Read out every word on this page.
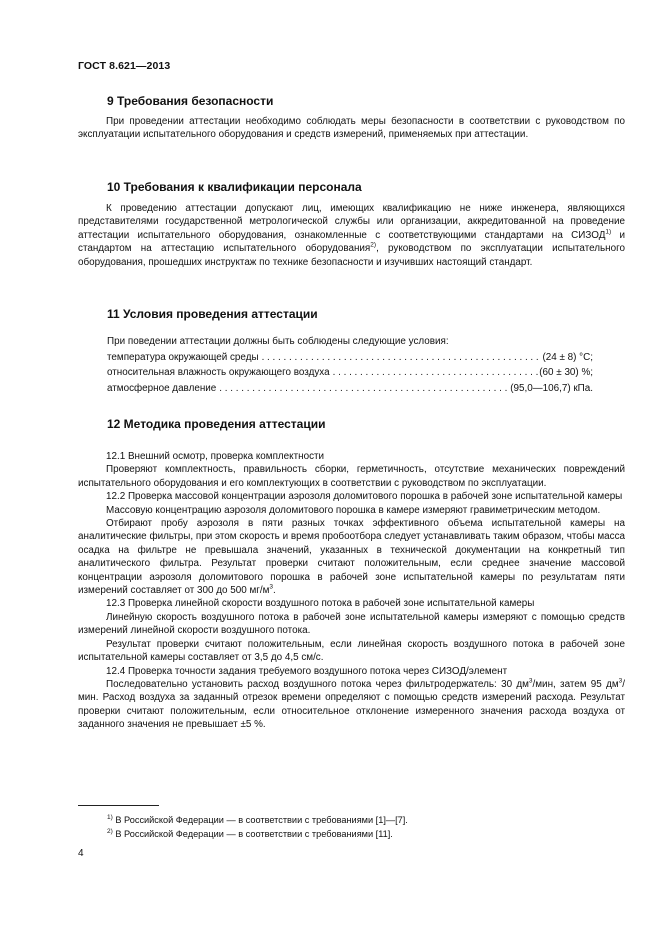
ГОСТ 8.621—2013
9 Требования безопасности
При проведении аттестации необходимо соблюдать меры безопасности в соответствии с руководством по эксплуатации испытательного оборудования и средств измерений, применяемых при аттестации.
10 Требования к квалификации персонала
К проведению аттестации допускают лиц, имеющих квалификацию не ниже инженера, являющихся представителями государственной метрологической службы или организации, аккредитованной на проведение аттестации испытательного оборудования, ознакомленные с соответствующими стандартами на СИЗОД$^{1)}$ и стандартом на аттестацию испытательного оборудования$^{2)}$, руководством по эксплуатации испытательного оборудования, прошедших инструктаж по технике безопасности и изучивших настоящий стандарт.
11 Условия проведения аттестации
При поведении аттестации должны быть соблюдены следующие условия:
температура окружающей среды . . .	(24 ± 8) °С;
относительная влажность окружающего воздуха . . .	(60 ± 30) %;
атмосферное давление . . .	(95,0—106,7) кПа.
12 Методика проведения аттестации
12.1 Внешний осмотр, проверка комплектности
Проверяют комплектность, правильность сборки, герметичность, отсутствие механических повреждений испытательного оборудования и его комплектующих в соответствии с руководством по эксплуатации.
12.2 Проверка массовой концентрации аэрозоля доломитового порошка в рабочей зоне испытательной камеры
Массовую концентрацию аэрозоля доломитового порошка в камере измеряют гравиметрическим методом.
Отбирают пробу аэрозоля в пяти разных точках эффективного объема испытательной камеры на аналитические фильтры, при этом скорость и время пробоотбора следует устанавливать таким образом, чтобы масса осадка на фильтре не превышала значений, указанных в технической документации на конкретный тип аналитического фильтра. Результат проверки считают положительным, если среднее значение массовой концентрации аэрозоля доломитового порошка в рабочей зоне испытательной камеры по результатам пяти измерений составляет от 300 до 500 $мг/м^3$.
12.3 Проверка линейной скорости воздушного потока в рабочей зоне испытательной камеры
Линейную скорость воздушного потока в рабочей зоне испытательной камеры измеряют с помощью средств измерений линейной скорости воздушного потока.
Результат проверки считают положительным, если линейная скорость воздушного потока в рабочей зоне испытательной камеры составляет от 3,5 до 4,5 см/с.
12.4 Проверка точности задания требуемого воздушного потока через СИЗОД/элемент
Последовательно установить расход воздушного потока через фильтродержатель: 30 $дм^3$/мин, затем 95 $дм^3$/мин. Расход воздуха за заданный отрезок времени определяют с помощью средств измерений расхода. Результат проверки считают положительным, если относительное отклонение измеренного значения расхода воздуха от заданного значения не превышает ±5 %.
$^{1)}$ В Российской Федерации — в соответствии с требованиями [1]—[7].
$^{2)}$ В Российской Федерации — в соответствии с требованиями [11].
4
